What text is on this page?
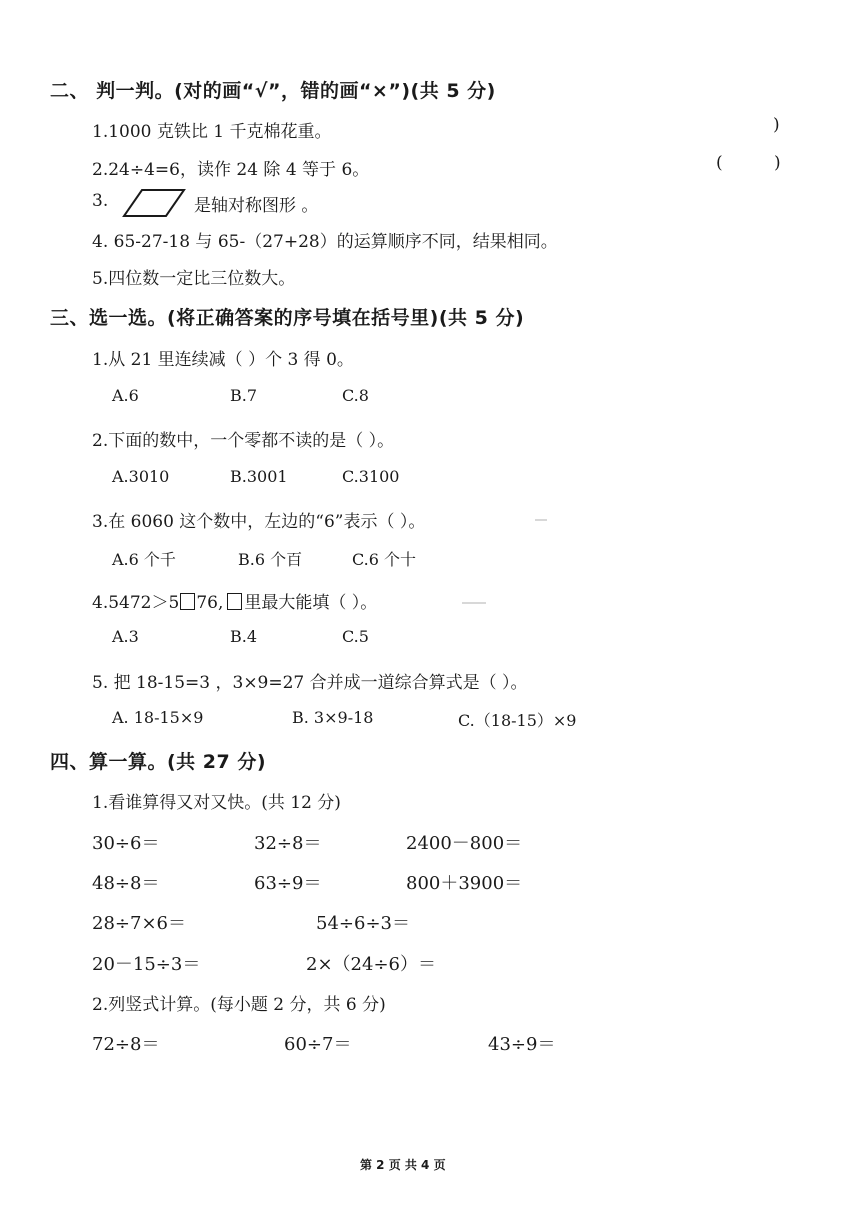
二、 判一判。(对的画“√”，错的画“×”)(共 5 分)
1.1000 克铁比 1 千克棉花重。	)
2.24÷4=6，读作 24 除 4 等于 6。	(	)
3.	是轴对称图形 。
4. 65-27-18 与 65-（27+28）的运算顺序不同，结果相同。
5.四位数一定比三位数大。
三、选一选。(将正确答案的序号填在括号里)(共 5 分)
1.从 21 里连续减（ ）个 3 得 0。
A.6	B.7	C.8
2.下面的数中，一个零都不读的是（ ）。
A.3010	B.3001	C.3100
3.在 6060 这个数中，左边的“6”表示（ ）。
A.6 个千	B.6 个百	C.6 个十
4.5472＞5 76, 里最大能填（ ）。
A.3	B.4	C.5
5. 把 18-15=3 ，3×9=27 合并成一道综合算式是（ ）。
A. 18-15×9	B. 3×9-18	C.（18-15）×9
四、算一算。(共 27 分)
1.看谁算得又对又快。(共 12 分)
30÷6＝	32÷8＝	2400－800＝
48÷8＝	63÷9＝	800＋3900＝
28÷7×6＝	54÷6÷3＝
20－15÷3＝	2×（24÷6）＝
2.列竖式计算。(每小题 2 分，共 6 分)
72÷8＝	60÷7＝	43÷9＝
第 2 页 共 4 页
